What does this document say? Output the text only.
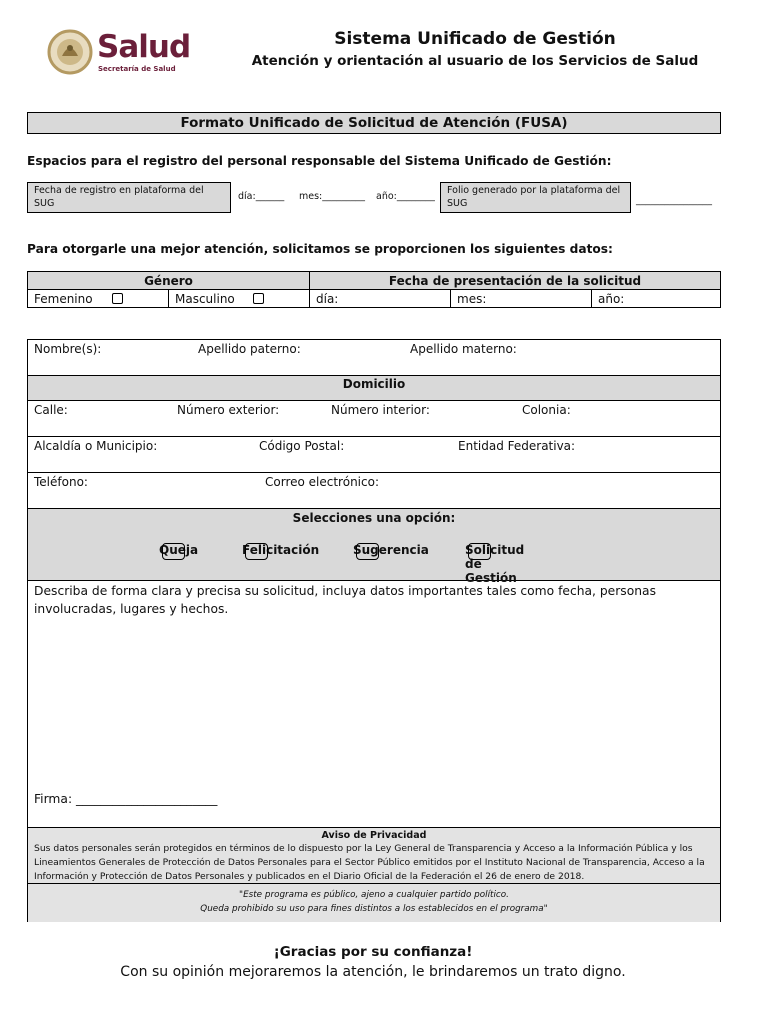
Salud
Secretaría de Salud
Sistema Unificado de Gestión
Atención y orientación al usuario de los Servicios de Salud
Formato Unificado de Solicitud de Atención (FUSA)
Espacios para el registro del personal responsable del Sistema Unificado de Gestión:
Fecha de registro en plataforma del SUG
día:______ mes:_________ año:________
Folio generado por la plataforma del SUG	________________
Para otorgarle una mejor atención, solicitamos se proporcionen los siguientes datos:
Género		Fecha de presentación de la solicitud		
Femenino	Masculino	día:	mes:	año:
Nombre(s):	Apellido paterno:	Apellido materno:
Domicilio
Calle:	Número exterior:	Número interior:	Colonia:
Alcaldía o Municipio:	Código Postal:	Entidad Federativa:
Teléfono:	Correo electrónico:
Selecciones una opción:
Queja	Felicitación	Sugerencia	Solicitud de Gestión
Describa de forma clara y precisa su solicitud, incluya datos importantes tales como fecha, personas involucradas, lugares y hechos.
Firma: _______________________
Aviso de Privacidad
Sus datos personales serán protegidos en términos de lo dispuesto por la Ley General de Transparencia y Acceso a la Información Pública y los Lineamientos Generales de Protección de Datos Personales para el Sector Público emitidos por el Instituto Nacional de Transparencia, Acceso a la Información y Protección de Datos Personales y publicados en el Diario Oficial de la Federación el 26 de enero de 2018.
"Este programa es público, ajeno a cualquier partido político.
Queda prohibido su uso para fines distintos a los establecidos en el programa"
¡Gracias por su confianza!
Con su opinión mejoraremos la atención, le brindaremos un trato digno.
